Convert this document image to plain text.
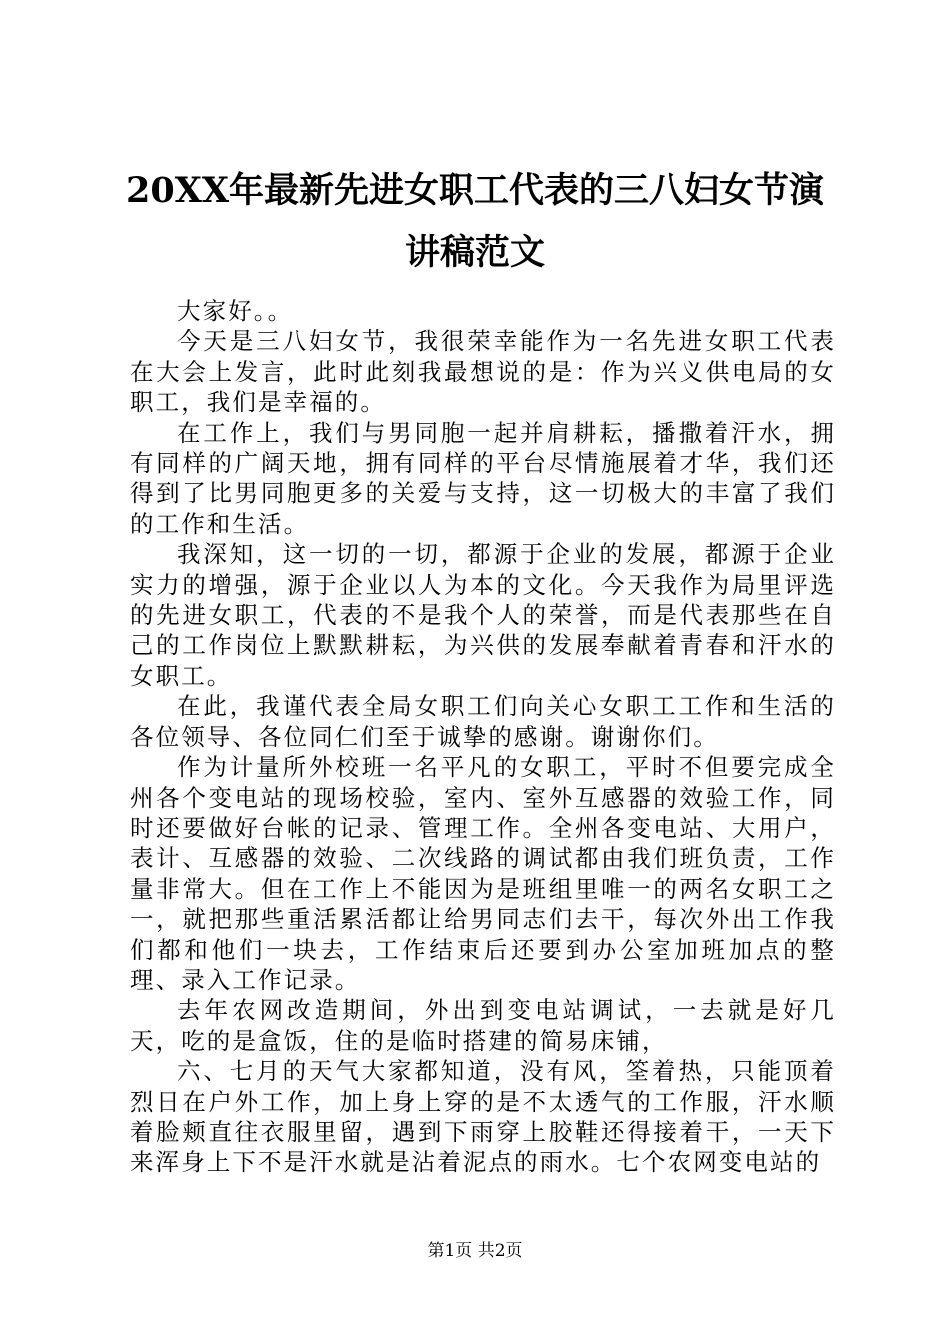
20XX年最新先进女职工代表的三八妇女节演
讲稿范文

大家好。。

今天是三八妇女节，我很荣幸能作为一名先进女职工代表在大会上发言，此时此刻我最想说的是：作为兴义供电局的女职工，我们是幸福的。

在工作上，我们与男同胞一起并肩耕耘，播撒着汗水，拥有同样的广阔天地，拥有同样的平台尽情施展着才华，我们还得到了比男同胞更多的关爱与支持，这一切极大的丰富了我们的工作和生活。

我深知，这一切的一切，都源于企业的发展，都源于企业实力的增强，源于企业以人为本的文化。今天我作为局里评选的先进女职工，代表的不是我个人的荣誉，而是代表那些在自己的工作岗位上默默耕耘，为兴供的发展奉献着青春和汗水的女职工。

在此，我谨代表全局女职工们向关心女职工工作和生活的各位领导、各位同仁们至于诚挚的感谢。谢谢你们。

作为计量所外校班一名平凡的女职工，平时不但要完成全州各个变电站的现场校验，室内、室外互感器的效验工作，同时还要做好台帐的记录、管理工作。全州各变电站、大用户，表计、互感器的效验、二次线路的调试都由我们班负责，工作量非常大。但在工作上不能因为是班组里唯一的两名女职工之一，就把那些重活累活都让给男同志们去干，每次外出工作我们都和他们一块去，工作结束后还要到办公室加班加点的整理、录入工作记录。

去年农网改造期间，外出到变电站调试，一去就是好几天，吃的是盒饭，住的是临时搭建的简易床铺，

六、七月的天气大家都知道，没有风，筌着热，只能顶着烈日在户外工作，加上身上穿的是不太透气的工作服，汗水顺着脸颊直往衣服里留，遇到下雨穿上胶鞋还得接着干，一天下来浑身上下不是汗水就是沾着泥点的雨水。七个农网变电站的

第1页 共2页
